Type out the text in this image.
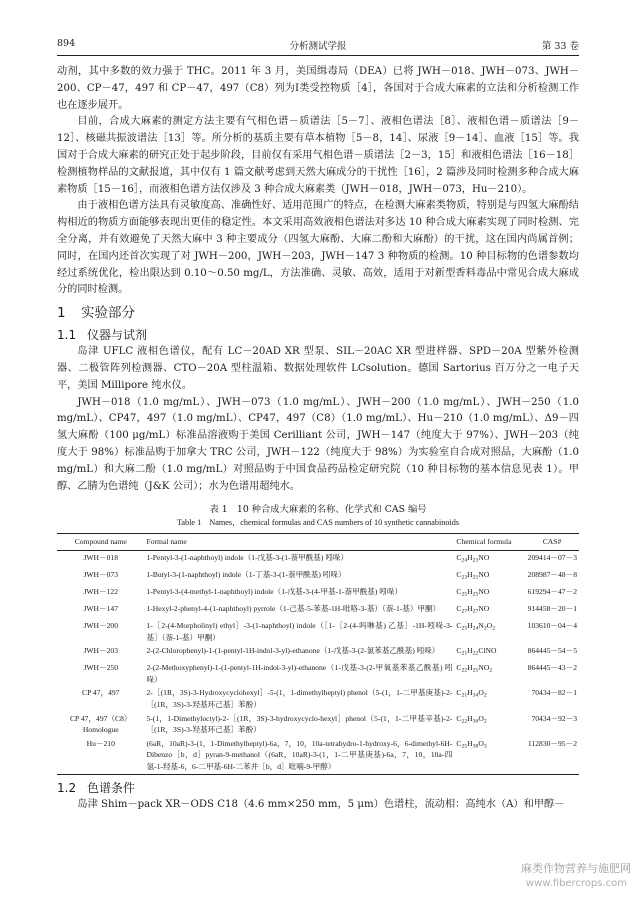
894	分析测试学报	第 33 卷

动剂，其中多数的效力强于 THC。2011 年 3 月，美国缉毒局（DEA）已将 JWH－018、JWH－073、JWH－200、CP－47，497 和 CP－47，497（C8）列为Ⅰ类受控物质［4］，各国对于合成大麻素的立法和分析检测工作也在逐步展开。

目前，合成大麻素的测定方法主要有气相色谱－质谱法［5－7］、液相色谱法［8］、液相色谱－质谱法［9－12］、核磁共振波谱法［13］等。所分析的基质主要有草本植物［5－8，14］、尿液［9－14］、血液［15］等。我国对于合成大麻素的研究正处于起步阶段，目前仅有采用气相色谱－质谱法［2－3，15］和液相色谱法［16－18］检测植物样品的文献报道，其中仅有 1 篇文献考虑到天然大麻成分的干扰性［16］，2 篇涉及同时检测多种合成大麻素物质［15－16］，而液相色谱方法仅涉及 3 种合成大麻素类（JWH－018，JWH－073，Hu－210）。

由于液相色谱方法具有灵敏度高、准确性好、适用范围广的特点，在检测大麻素类物质，特别是与四氢大麻酚结构相近的物质方面能够表现出更佳的稳定性。本文采用高效液相色谱法对多达 10 种合成大麻素实现了同时检测、完全分离，并有效避免了天然大麻中 3 种主要成分（四氢大麻酚、大麻二酚和大麻酚）的干扰，这在国内尚属首例；同时，在国内还首次实现了对 JWH－200，JWH－203，JWH－147 3 种物质的检测。10 种目标物的色谱参数均经过系统优化，检出限达到 0.10～0.50 mg/L，方法准确、灵敏、高效，适用于对新型香料毒品中常见合成大麻成分的同时检测。

1 实验部分
1.1 仪器与试剂

岛津 UFLC 液相色谱仪，配有 LC－20AD XR 型泵、SIL－20AC XR 型进样器、SPD－20A 型紫外检测器、二极管阵列检测器、CTO－20A 型柱温箱、数据处理软件 LCsolution。德国 Sartorius 百万分之一电子天平，美国 Millipore 纯水仪。

JWH－018（1.0 mg/mL）、JWH－073（1.0 mg/mL）、JWH－200（1.0 mg/mL）、JWH－250（1.0 mg/mL）、CP47，497（1.0 mg/mL）、CP47，497（C8）（1.0 mg/mL）、Hu－210（1.0 mg/mL）、Δ9－四氢大麻酚（100 μg/mL）标准品溶液购于美国 Cerilliant 公司，JWH－147（纯度大于 97%）、JWH－203（纯度大于 98%）标准品购于加拿大 TRC 公司，JWH－122（纯度大于 98%）为实验室自合成对照品，大麻酚（1.0 mg/mL）和大麻二酚（1.0 mg/mL）对照品购于中国食品药品检定研究院（10 种目标物的基本信息见表 1）。甲醇、乙腈为色谱纯（J&K 公司）；水为色谱用超纯水。

表 1　10 种合成大麻素的名称、化学式和 CAS 编号
Table 1　Names，chemical formulas and CAS numbers of 10 synthetic cannabinoids
Compound name	Formal name	Chemical formula	CAS#
JWH－018	1-Pentyl-3-(1-naphthoyl) indole（1-戊基-3-(1-萘甲酰基) 吲哚）	$C_{24}H_{23}NO$	209414－07－3
JWH－073	1-Butyl-3-(1-naphthoyl) indole（1-丁基-3-(1-萘甲酰基) 吲哚）	$C_{23}H_{21}NO$	208987－48－8
JWH－122	1-Pentyl-3-(4-methyl-1-naphthoyl) indole（1-戊基-3-(4-甲基-1-萘甲酰基) 吲哚）	$C_{25}H_{25}NO$	619294－47－2
JWH－147	1-Hexyl-2-phenyl-4-(1-naphthoyl) pyrrole（1-己基-5-苯基-1H-吡咯-3-基）（萘-1-基）甲酮）	$C_{27}H_{27}NO$	914458－20－1
JWH－200	1-［2-(4-Morpholinyl) ethyl］-3-(1-naphthoyl) indole（［1-［2-(4-吗啉基) 乙基］-1H-吲哚-3-基］（萘-1-基）甲酮）	$C_{25}H_{24}N_2O_2$	103610－04－4
JWH－203	2-(2-Chlorophenyl)-1-(1-pentyl-1H-indol-3-yl)-ethanone（1-戊基-3-(2-氯苯基乙酰基) 吲哚）	$C_{21}H_{22}ClNO$	864445－54－5
JWH－250	2-(2-Methoxyphenyl)-1-(1-pentyl-1H-indol-3-yl)-ethanone（1-戊基-3-(2-甲氧基苯基乙酰基) 吲哚）	$C_{22}H_{25}NO_2$	864445－43－2
CP 47，497	2-［(1R，3S)-3-Hydroxycyclohexyl］-5-(1，1-dimethylheptyl) phenol（5-(1，1-二甲基庚基)-2-［(1R，3S)-3-羟基环己基］苯酚）	$C_{21}H_{34}O_2$	70434－82－1
CP 47，497（C8）
Homologue	5-(1，1-Dimethyloctyl)-2-［(1R，3S)-3-hydroxycyclo-hexyl］phenol（5-(1，1-二甲基辛基)-2-［(1R，3S)-3-羟基环己基］苯酚）	$C_{22}H_{36}O_2$	70434－92－3
Hu－210	(6aR，10aR)-3-(1，1-Dimethylheptyl)-6a，7，10，10a-tetrahydro-1-hydroxy-6，6-dimethyl-6H-Dibenzo［b，d］pyran-9-methanol（(6aR，10aR)-3-(1，1-二甲基庚基)-6a，7，10，10a-四氢-1-羟基-6，6-二甲基-6H-二苯并［b，d］吡喃-9-甲醇）	$C_{25}H_{38}O_3$	112830－95－2
1.2 色谱条件

岛津 Shim－pack XR－ODS C18（4.6 mm×250 mm，5 μm）色谱柱，流动相：高纯水（A）和甲醇－

麻类作物营养与施肥网
www.fibercrops.com
